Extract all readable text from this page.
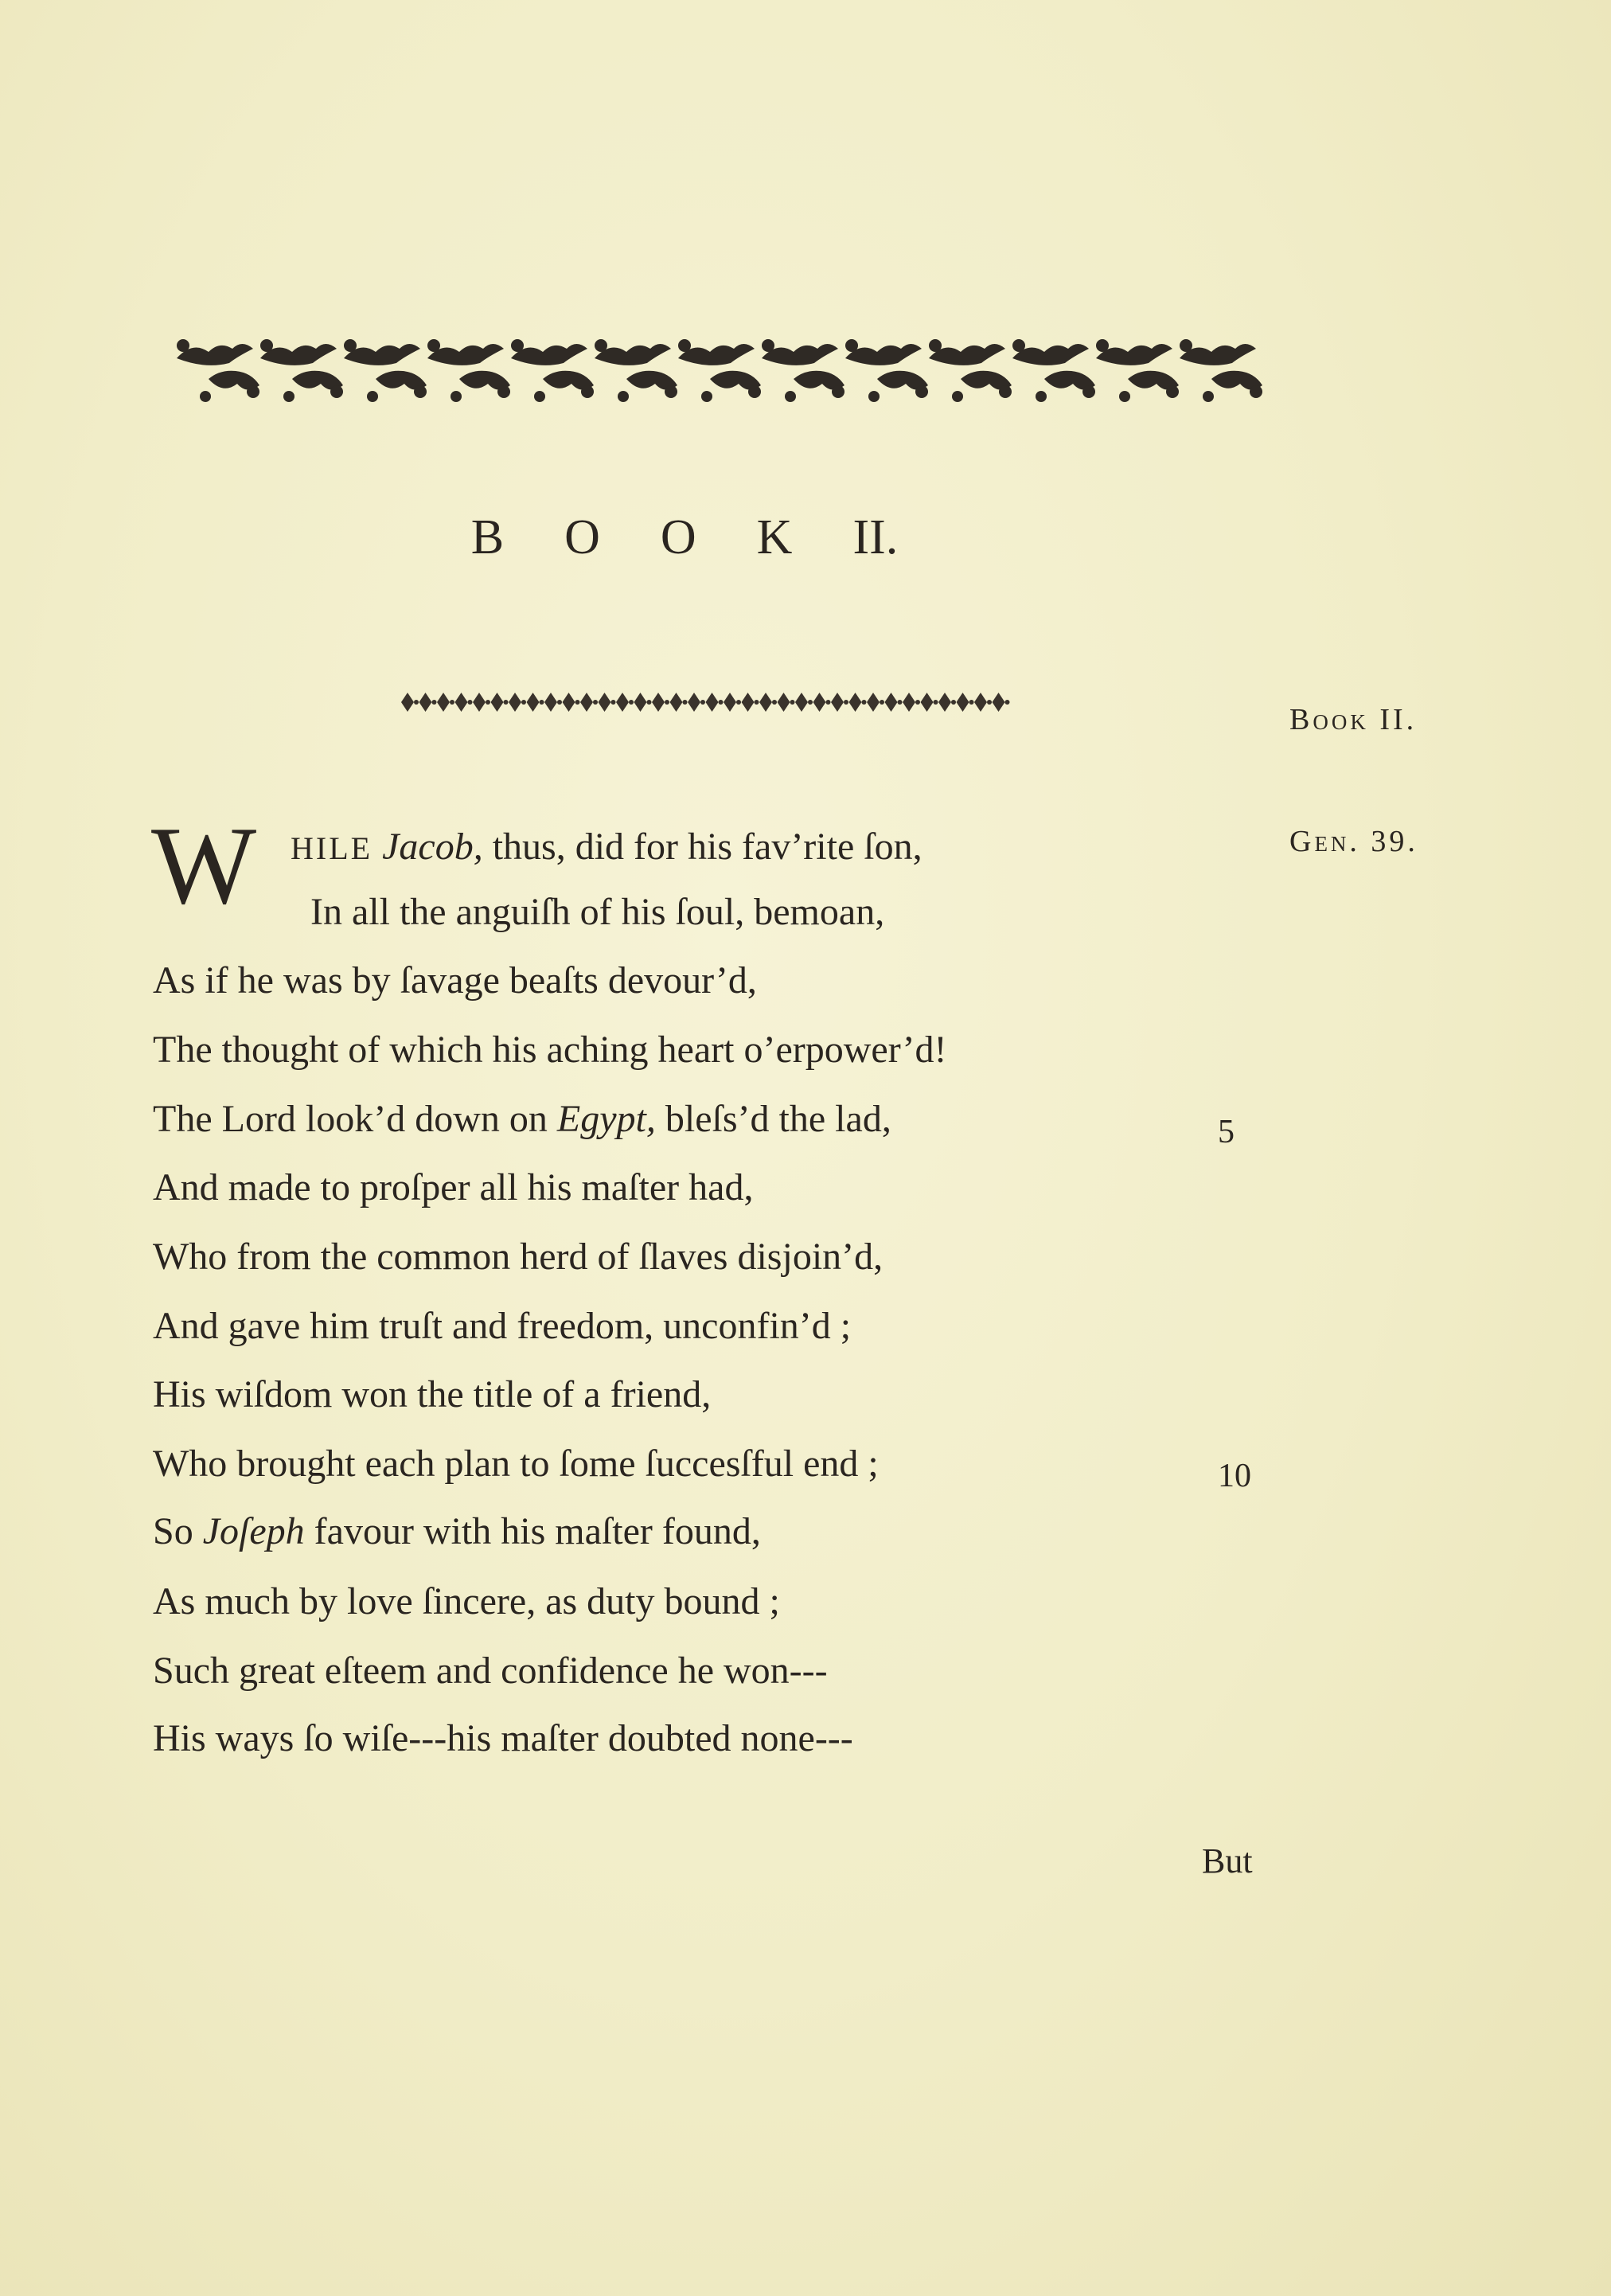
B O O K II.
Book II.
Gen. 39.
W HILE Jacob, thus, did for his fav’rite ſon,
In all the anguiſh of his ſoul, bemoan,
As if he was by ſavage beaſts devour’d,
The thought of which his aching heart o’erpower’d!
The Lord look’d down on Egypt, bleſs’d the lad,
And made to proſper all his maſter had,
Who from the common herd of ſlaves disjoin’d,
And gave him truſt and freedom, unconfin’d ;
His wiſdom won the title of a friend,
Who brought each plan to ſome ſuccesſful end ;
So Joſeph favour with his maſter found,
As much by love ſincere, as duty bound ;
Such great eſteem and confidence he won---
His ways ſo wiſe---his maſter doubted none---
5
10
But
